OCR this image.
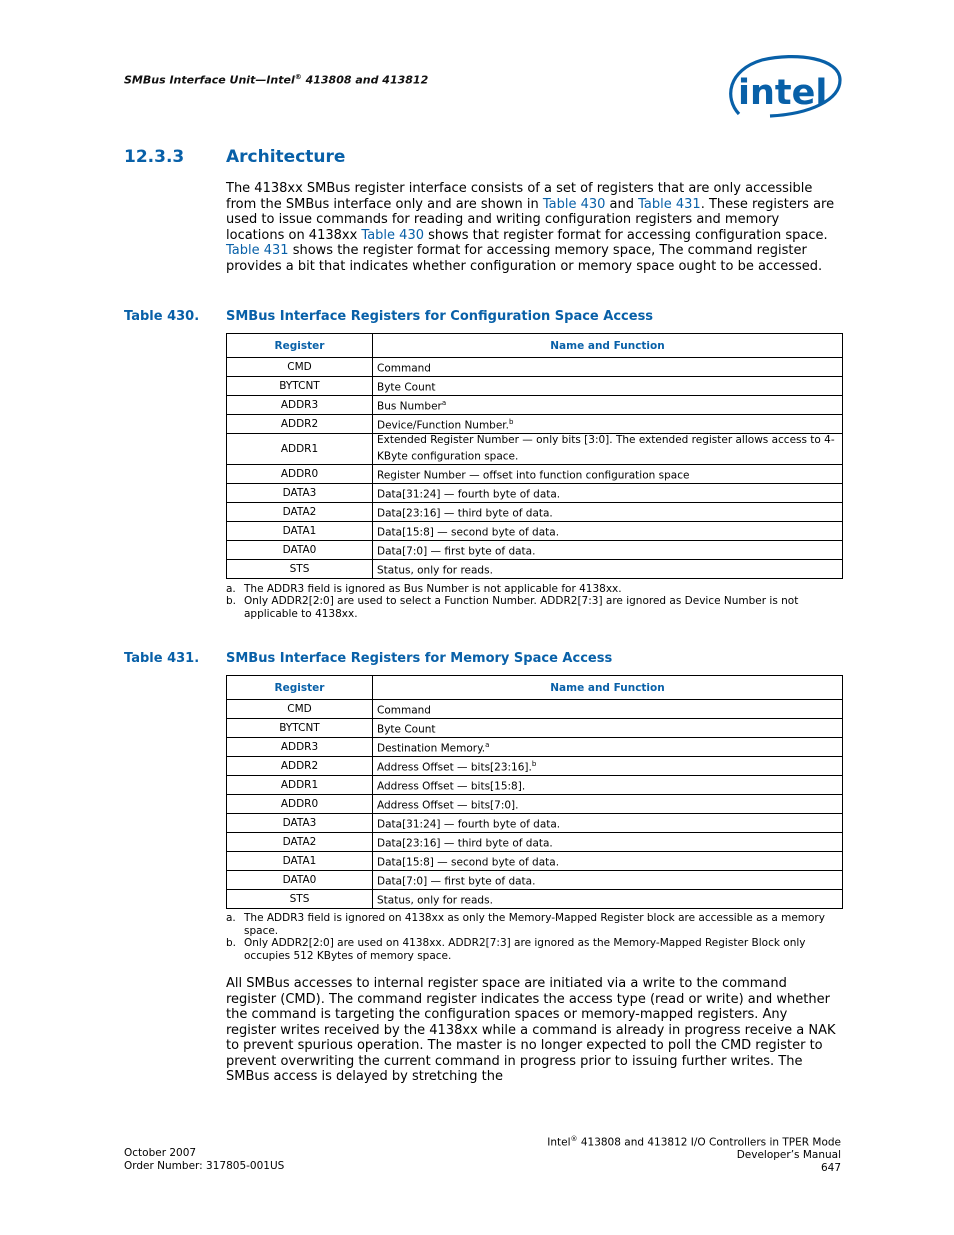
SMBus Interface Unit—Intel® 413808 and 413812	intel
12.3.3 Architecture
The 4138xx SMBus register interface consists of a set of registers that are only accessible from the SMBus interface only and are shown in Table 430 and Table 431. These registers are used to issue commands for reading and writing configuration registers and memory locations on 4138xx Table 430 shows that register format for accessing configuration space. Table 431 shows the register format for accessing memory space, The command register provides a bit that indicates whether configuration or memory space ought to be accessed.
Table 430. SMBus Interface Registers for Configuration Space Access
Register	Name and Function
CMD	Command
BYTCNT	Byte Count
ADDR3	Bus Number$^a$
ADDR2	Device/Function Number.$^b$
ADDR1	Extended Register Number — only bits [3:0]. The extended register allows access to 4-KByte configuration space.
ADDR0	Register Number — offset into function configuration space
DATA3	Data[31:24] — fourth byte of data.
DATA2	Data[23:16] — third byte of data.
DATA1	Data[15:8] — second byte of data.
DATA0	Data[7:0] — first byte of data.
STS	Status, only for reads.
a. The ADDR3 field is ignored as Bus Number is not applicable for 4138xx.
b. Only ADDR2[2:0] are used to select a Function Number. ADDR2[7:3] are ignored as Device Number is not applicable to 4138xx.
Table 431. SMBus Interface Registers for Memory Space Access
Register	Name and Function
CMD	Command
BYTCNT	Byte Count
ADDR3	Destination Memory.$^a$
ADDR2	Address Offset — bits[23:16].$^b$
ADDR1	Address Offset — bits[15:8].
ADDR0	Address Offset — bits[7:0].
DATA3	Data[31:24] — fourth byte of data.
DATA2	Data[23:16] — third byte of data.
DATA1	Data[15:8] — second byte of data.
DATA0	Data[7:0] — first byte of data.
STS	Status, only for reads.
a. The ADDR3 field is ignored on 4138xx as only the Memory-Mapped Register block are accessible as a memory space.
b. Only ADDR2[2:0] are used on 4138xx. ADDR2[7:3] are ignored as the Memory-Mapped Register Block only occupies 512 KBytes of memory space.
All SMBus accesses to internal register space are initiated via a write to the command register (CMD). The command register indicates the access type (read or write) and whether the command is targeting the configuration spaces or memory-mapped registers. Any register writes received by the 4138xx while a command is already in progress receive a NAK to prevent spurious operation. The master is no longer expected to poll the CMD register to prevent overwriting the current command in progress prior to issuing further writes. The SMBus access is delayed by stretching the
October 2007
Order Number: 317805-001US
Intel® 413808 and 413812 I/O Controllers in TPER Mode
Developer’s Manual
647
